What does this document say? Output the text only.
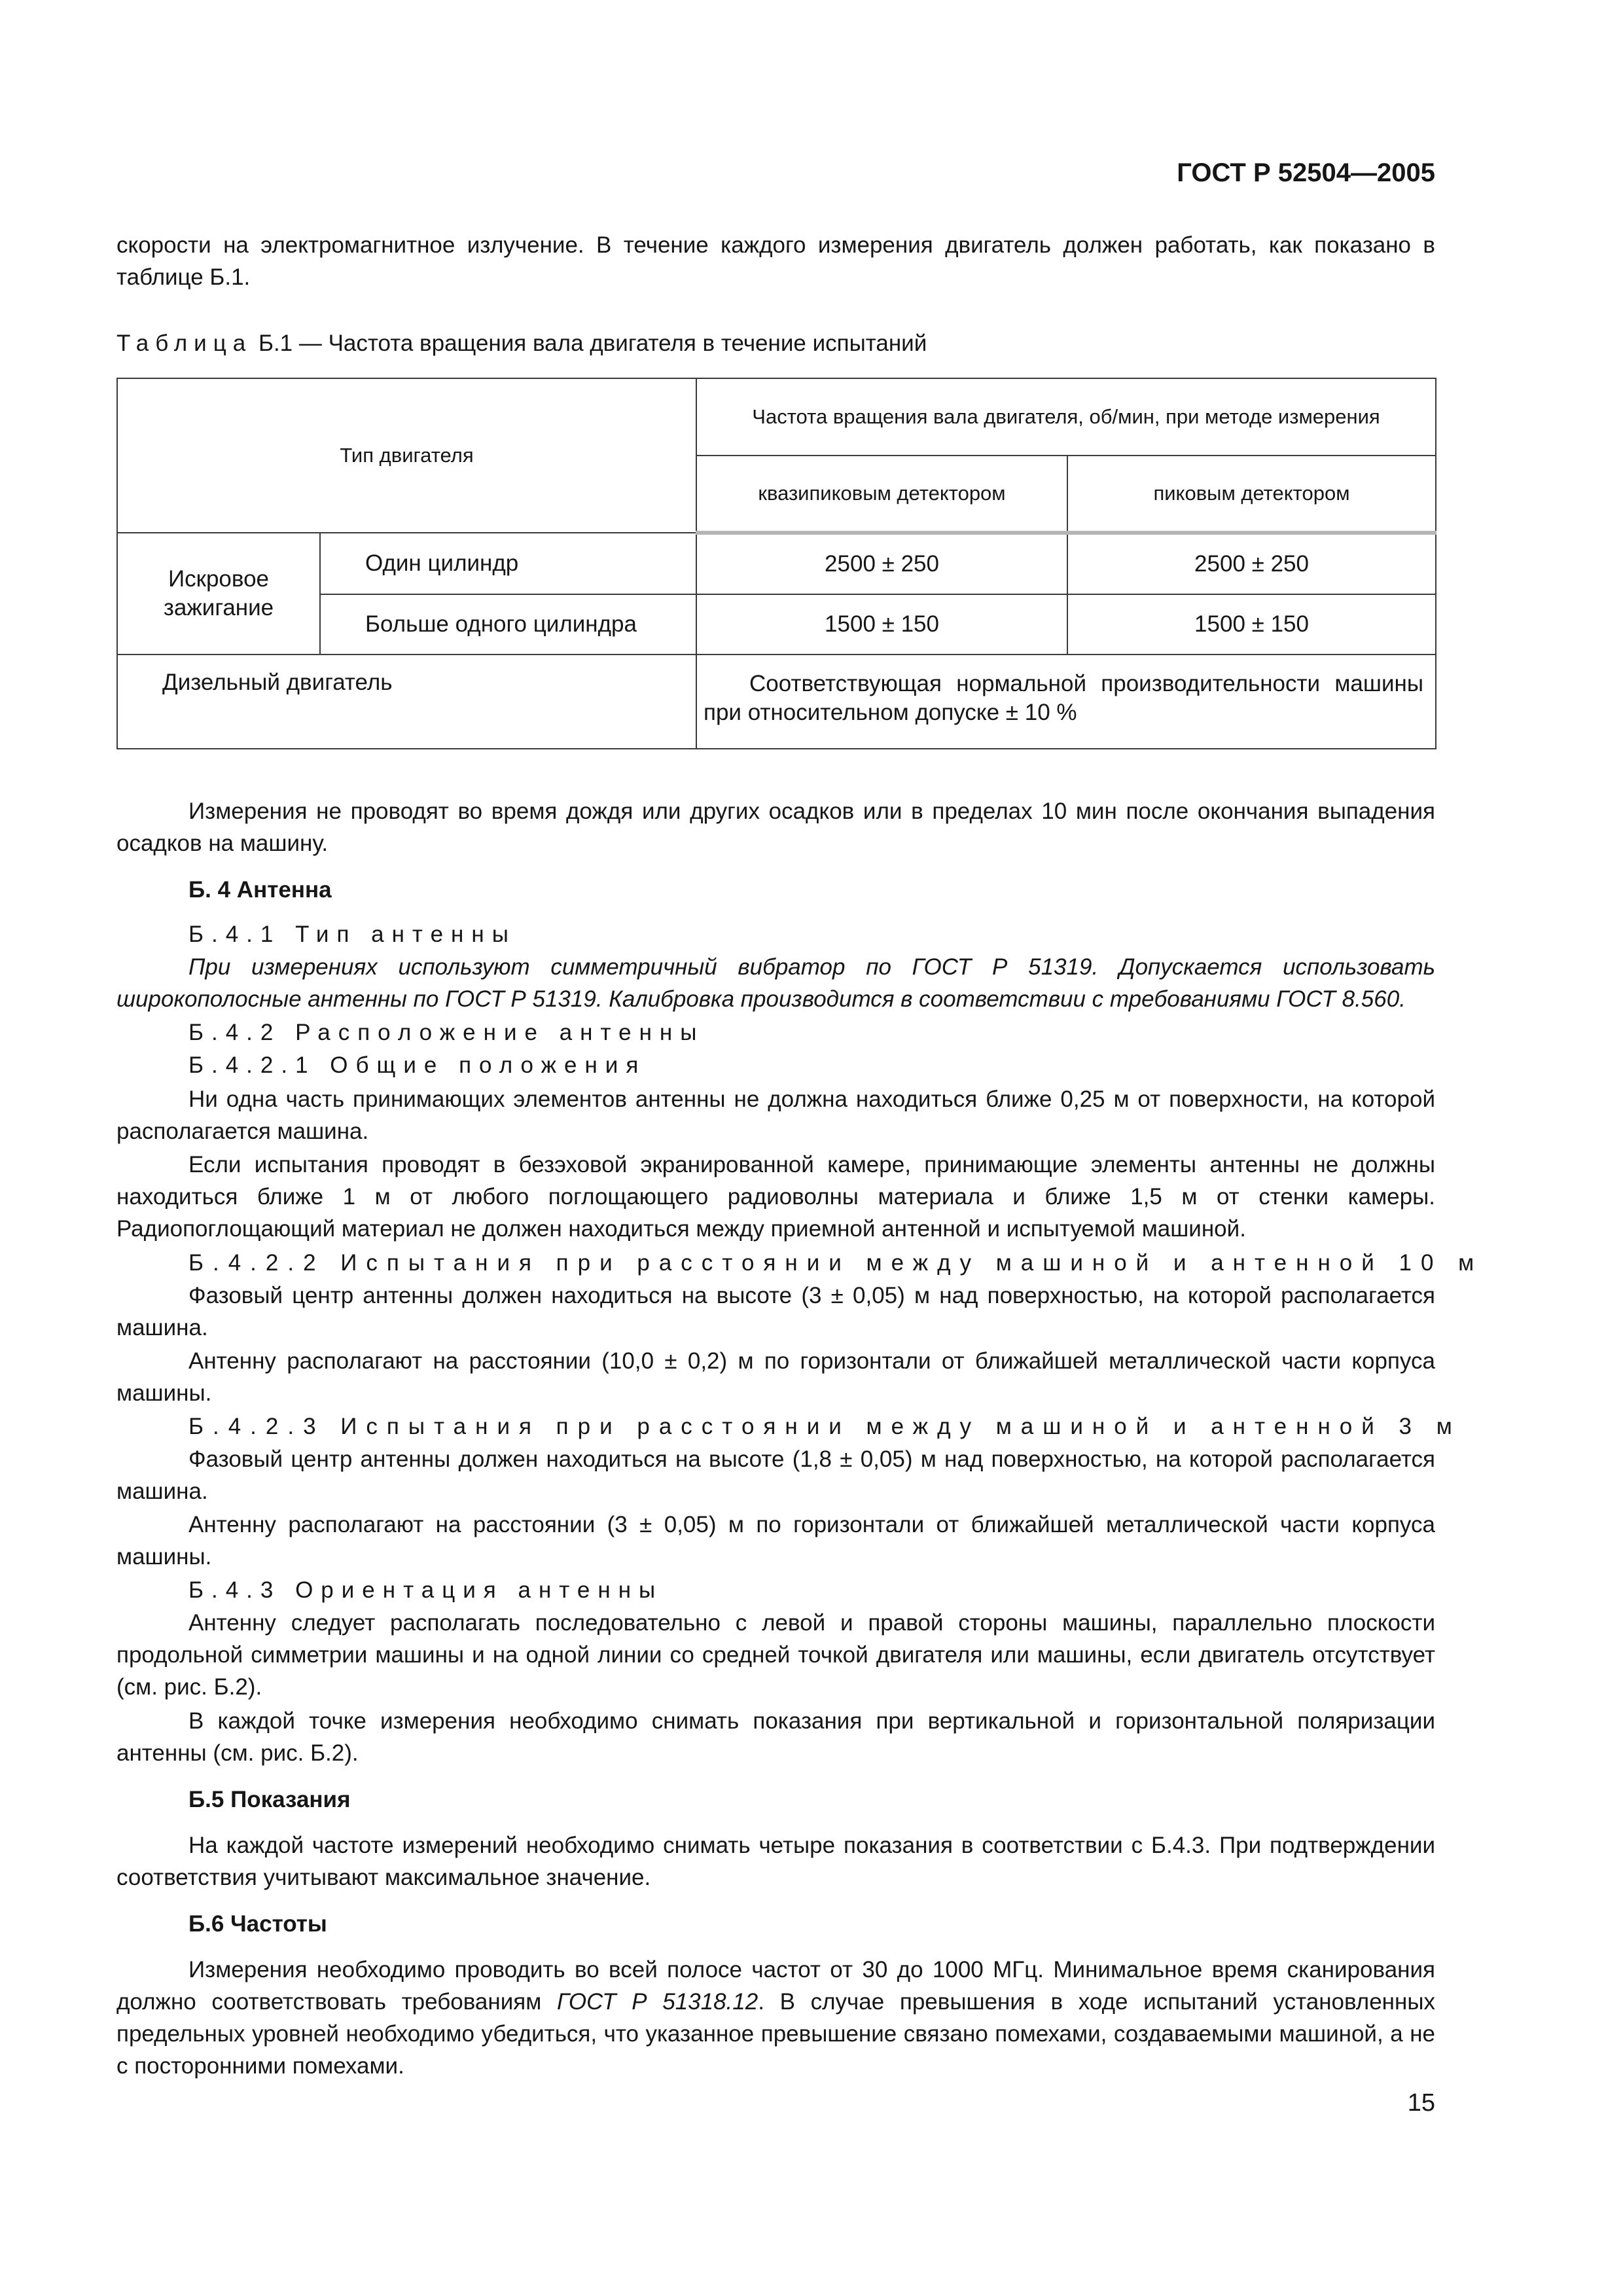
ГОСТ Р 52504—2005

скорости на электромагнитное излучение. В течение каждого измерения двигатель должен работать, как показано в таблице Б.1.

Таблица Б.1 — Частота вращения вала двигателя в течение испытаний

Тип двигателя		Частота вращения вала двигателя, об/мин, при методе измерения	
		квазипиковым детектором	пиковым детектором
Искровое зажигание	Один цилиндр	2500 ± 250	2500 ± 250
	Больше одного цилиндра	1500 ± 150	1500 ± 150
Дизельный двигатель		Соответствующая нормальной производительности машины при относительном допуске ± 10 %	

Измерения не проводят во время дождя или других осадков или в пределах 10 мин после окончания выпадения осадков на машину.

Б. 4 Антенна

Б.4.1 Тип антенны

При измерениях используют симметричный вибратор по ГОСТ Р 51319. Допускается использовать широкополосные антенны по ГОСТ Р 51319. Калибровка производится в соответствии с требованиями ГОСТ 8.560.

Б.4.2 Расположение антенны

Б.4.2.1 Общие положения

Ни одна часть принимающих элементов антенны не должна находиться ближе 0,25 м от поверхности, на которой располагается машина.

Если испытания проводят в безэховой экранированной камере, принимающие элементы антенны не должны находиться ближе 1 м от любого поглощающего радиоволны материала и ближе 1,5 м от стенки камеры. Радиопоглощающий материал не должен находиться между приемной антенной и испытуемой машиной.

Б.4.2.2 Испытания при расстоянии между машиной и антенной 10 м

Фазовый центр антенны должен находиться на высоте (3 ± 0,05) м над поверхностью, на которой располагается машина.

Антенну располагают на расстоянии (10,0 ± 0,2) м по горизонтали от ближайшей металлической части корпуса машины.

Б.4.2.3 Испытания при расстоянии между машиной и антенной 3 м

Фазовый центр антенны должен находиться на высоте (1,8 ± 0,05) м над поверхностью, на которой располагается машина.

Антенну располагают на расстоянии (3 ± 0,05) м по горизонтали от ближайшей металлической части корпуса машины.

Б.4.3 Ориентация антенны

Антенну следует располагать последовательно с левой и правой стороны машины, параллельно плоскости продольной симметрии машины и на одной линии со средней точкой двигателя или машины, если двигатель отсутствует (см. рис. Б.2).

В каждой точке измерения необходимо снимать показания при вертикальной и горизонтальной поляризации антенны (см. рис. Б.2).

Б.5 Показания

На каждой частоте измерений необходимо снимать четыре показания в соответствии с Б.4.3. При подтверждении соответствия учитывают максимальное значение.

Б.6 Частоты

Измерения необходимо проводить во всей полосе частот от 30 до 1000 МГц. Минимальное время сканирования должно соответствовать требованиям ГОСТ Р 51318.12. В случае превышения в ходе испытаний установленных предельных уровней необходимо убедиться, что указанное превышение связано помехами, создаваемыми машиной, а не с посторонними помехами.

15
